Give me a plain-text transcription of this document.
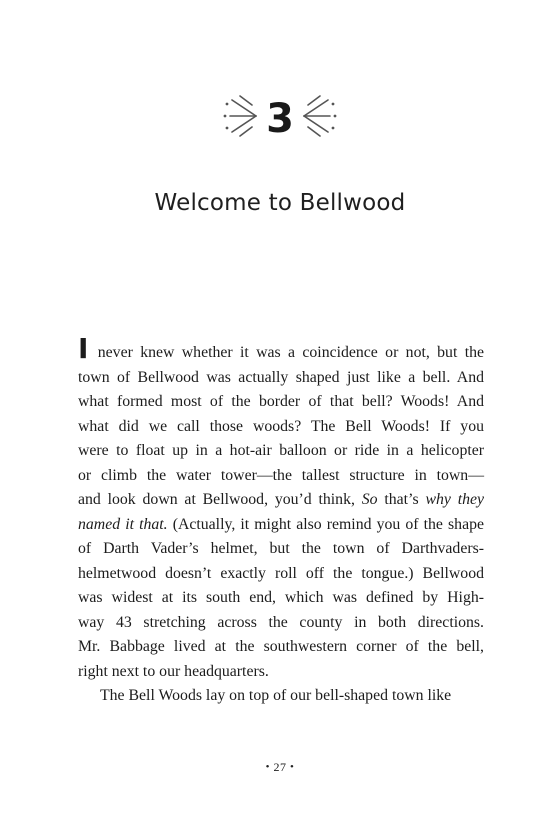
3
Welcome to Bellwood
I never knew whether it was a coincidence or not, but the
town of Bellwood was actually shaped just like a bell. And
what formed most of the border of that bell? Woods! And
what did we call those woods? The Bell Woods! If you
were to float up in a hot-air balloon or ride in a helicopter
or climb the water tower—the tallest structure in town—
and look down at Bellwood, you’d think, So that’s why they
named it that. (Actually, it might also remind you of the shape
of Darth Vader’s helmet, but the town of Darthvaders-
helmetwood doesn’t exactly roll off the tongue.) Bellwood
was widest at its south end, which was defined by High-
way 43 stretching across the county in both directions.
Mr. Babbage lived at the southwestern corner of the bell,
right next to our headquarters.
The Bell Woods lay on top of our bell-shaped town like
• 27 •
